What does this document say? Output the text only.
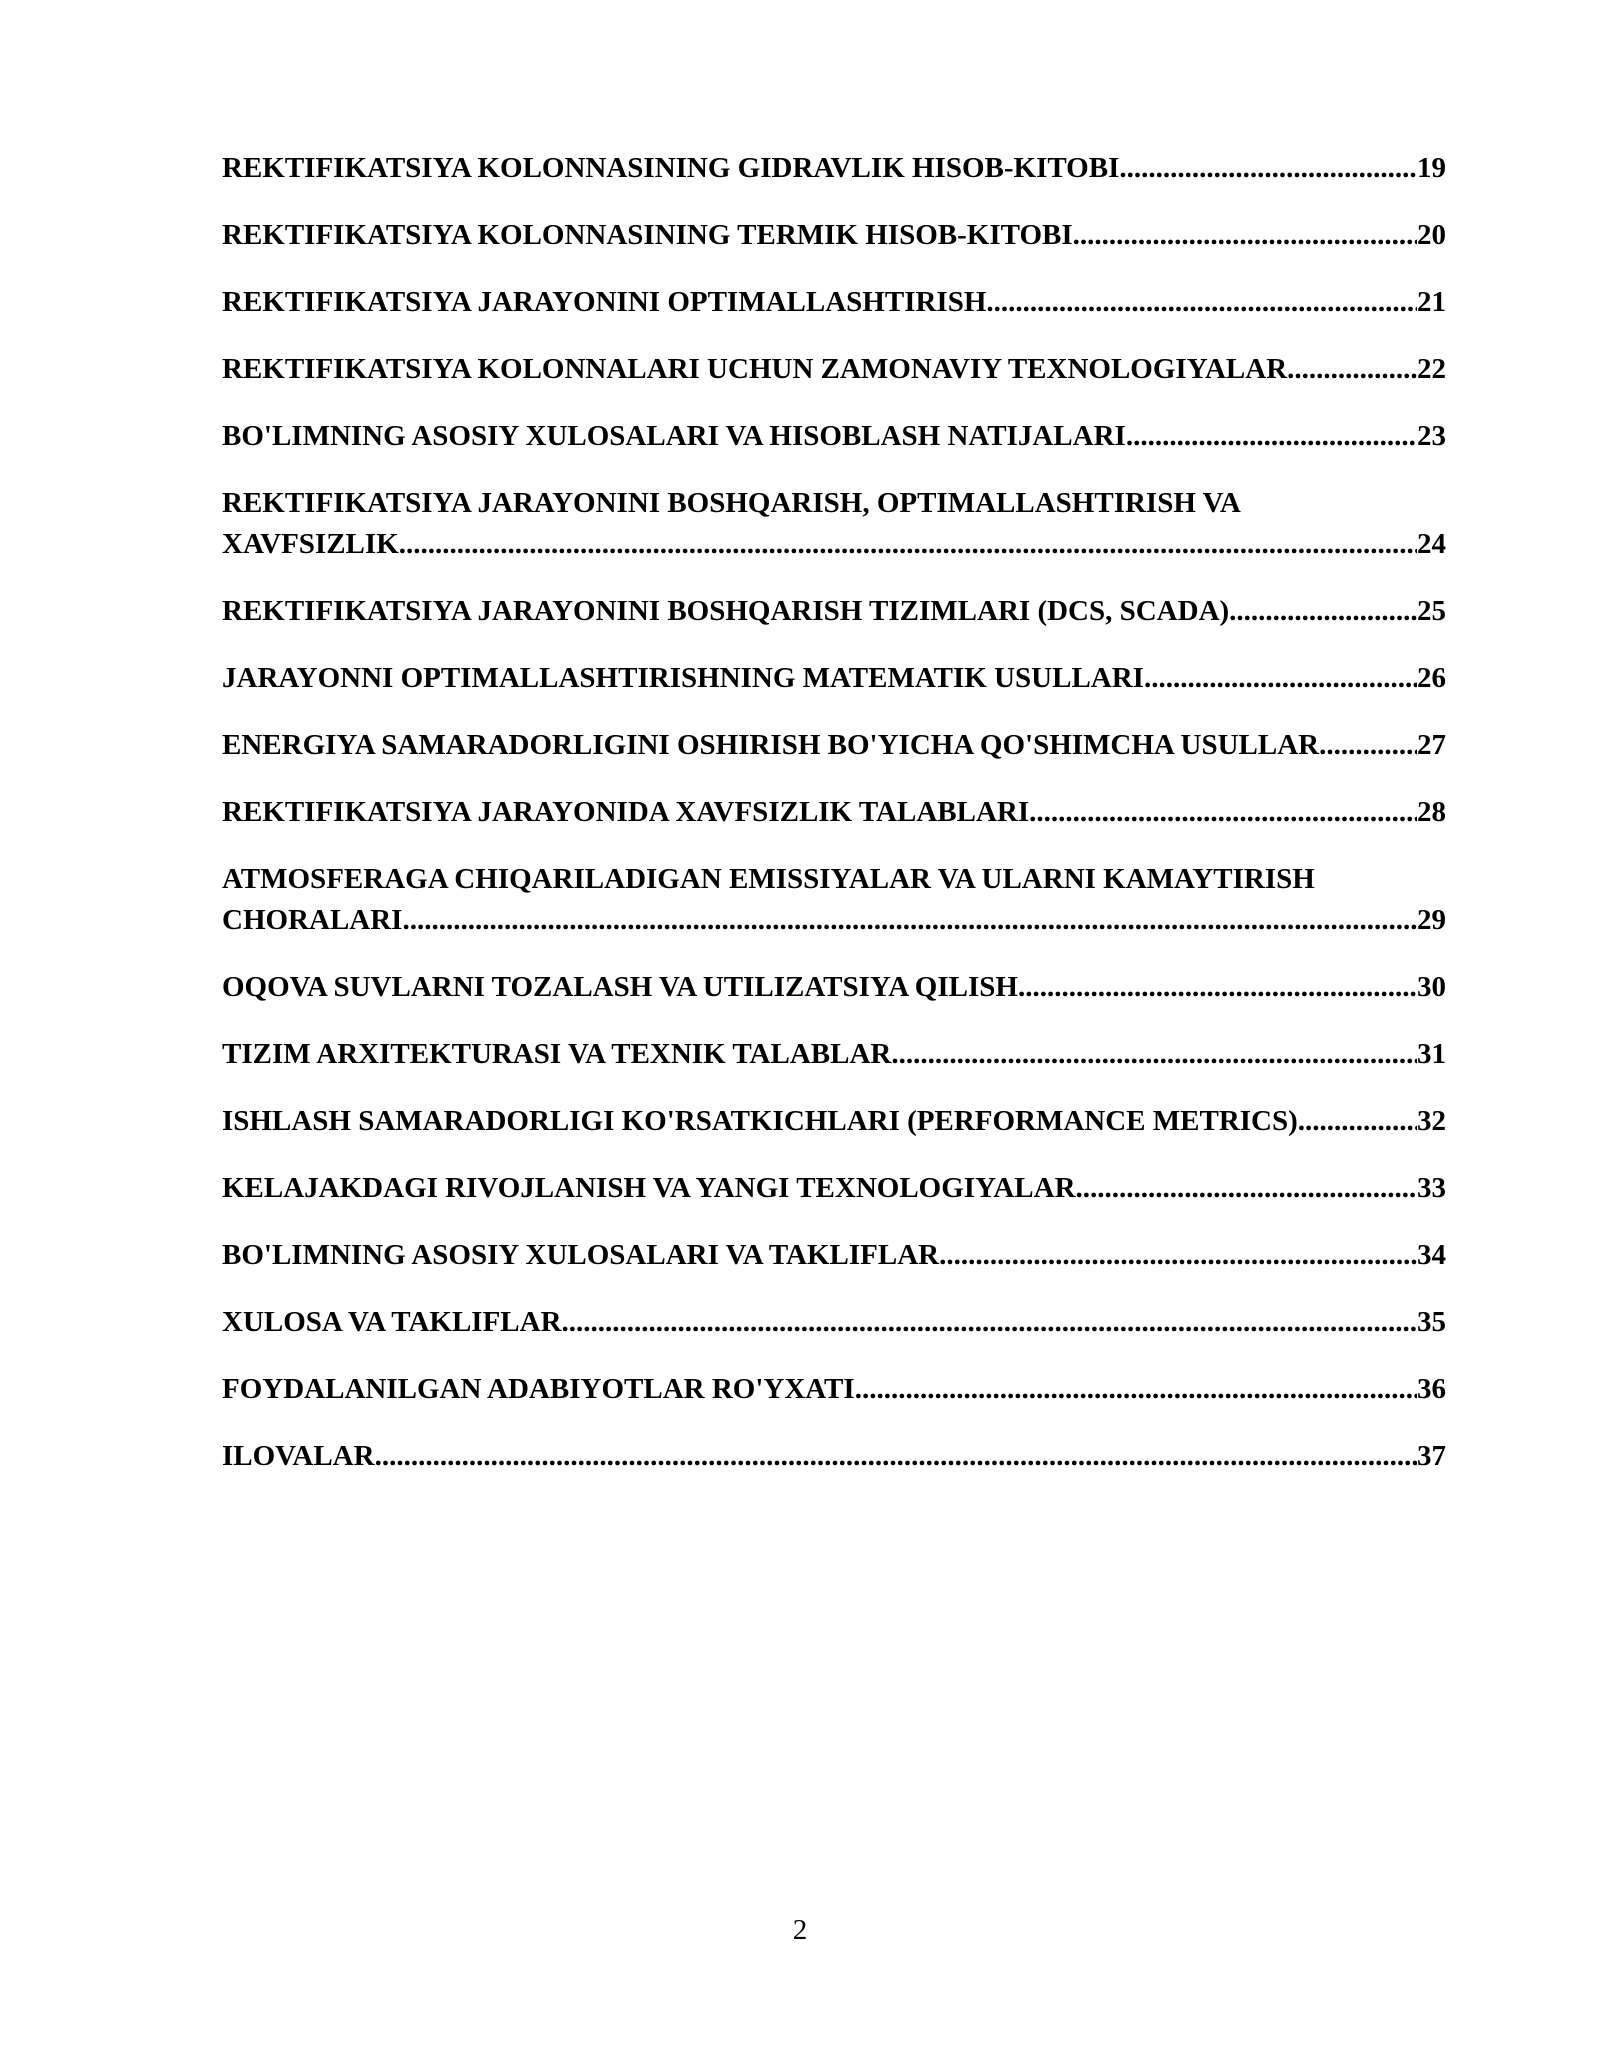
REKTIFIKATSIYA KOLONNASINING GIDRAVLIK HISOB-KITOBI .....	19
REKTIFIKATSIYA KOLONNASINING TERMIK HISOB-KITOBI .....	20
REKTIFIKATSIYA JARAYONINI OPTIMALLASHTIRISH .....	21
REKTIFIKATSIYA KOLONNALARI UCHUN ZAMONAVIY TEXNOLOGIYALAR .....	22
BO'LIMNING ASOSIY XULOSALARI VA HISOBLASH NATIJALARI .....	23
REKTIFIKATSIYA JARAYONINI BOSHQARISH, OPTIMALLASHTIRISH VA
XAVFSIZLIK .....	24
REKTIFIKATSIYA JARAYONINI BOSHQARISH TIZIMLARI (DCS, SCADA) .....	25
JARAYONNI OPTIMALLASHTIRISHNING MATEMATIK USULLARI .....	26
ENERGIYA SAMARADORLIGINI OSHIRISH BO'YICHA QO'SHIMCHA USULLAR .....	27
REKTIFIKATSIYA JARAYONIDA XAVFSIZLIK TALABLARI .....	28
ATMOSFERAGA CHIQARILADIGAN EMISSIYALAR VA ULARNI KAMAYTIRISH
CHORALARI .....	29
OQOVA SUVLARNI TOZALASH VA UTILIZATSIYA QILISH .....	30
TIZIM ARXITEKTURASI VA TEXNIK TALABLAR .....	31
ISHLASH SAMARADORLIGI KO'RSATKICHLARI (PERFORMANCE METRICS) .....	32
KELAJAKDAGI RIVOJLANISH VA YANGI TEXNOLOGIYALAR .....	33
BO'LIMNING ASOSIY XULOSALARI VA TAKLIFLAR .....	34
XULOSA VA TAKLIFLAR .....	35
FOYDALANILGAN ADABIYOTLAR RO'YXATI .....	36
ILOVALAR .....	37
2
